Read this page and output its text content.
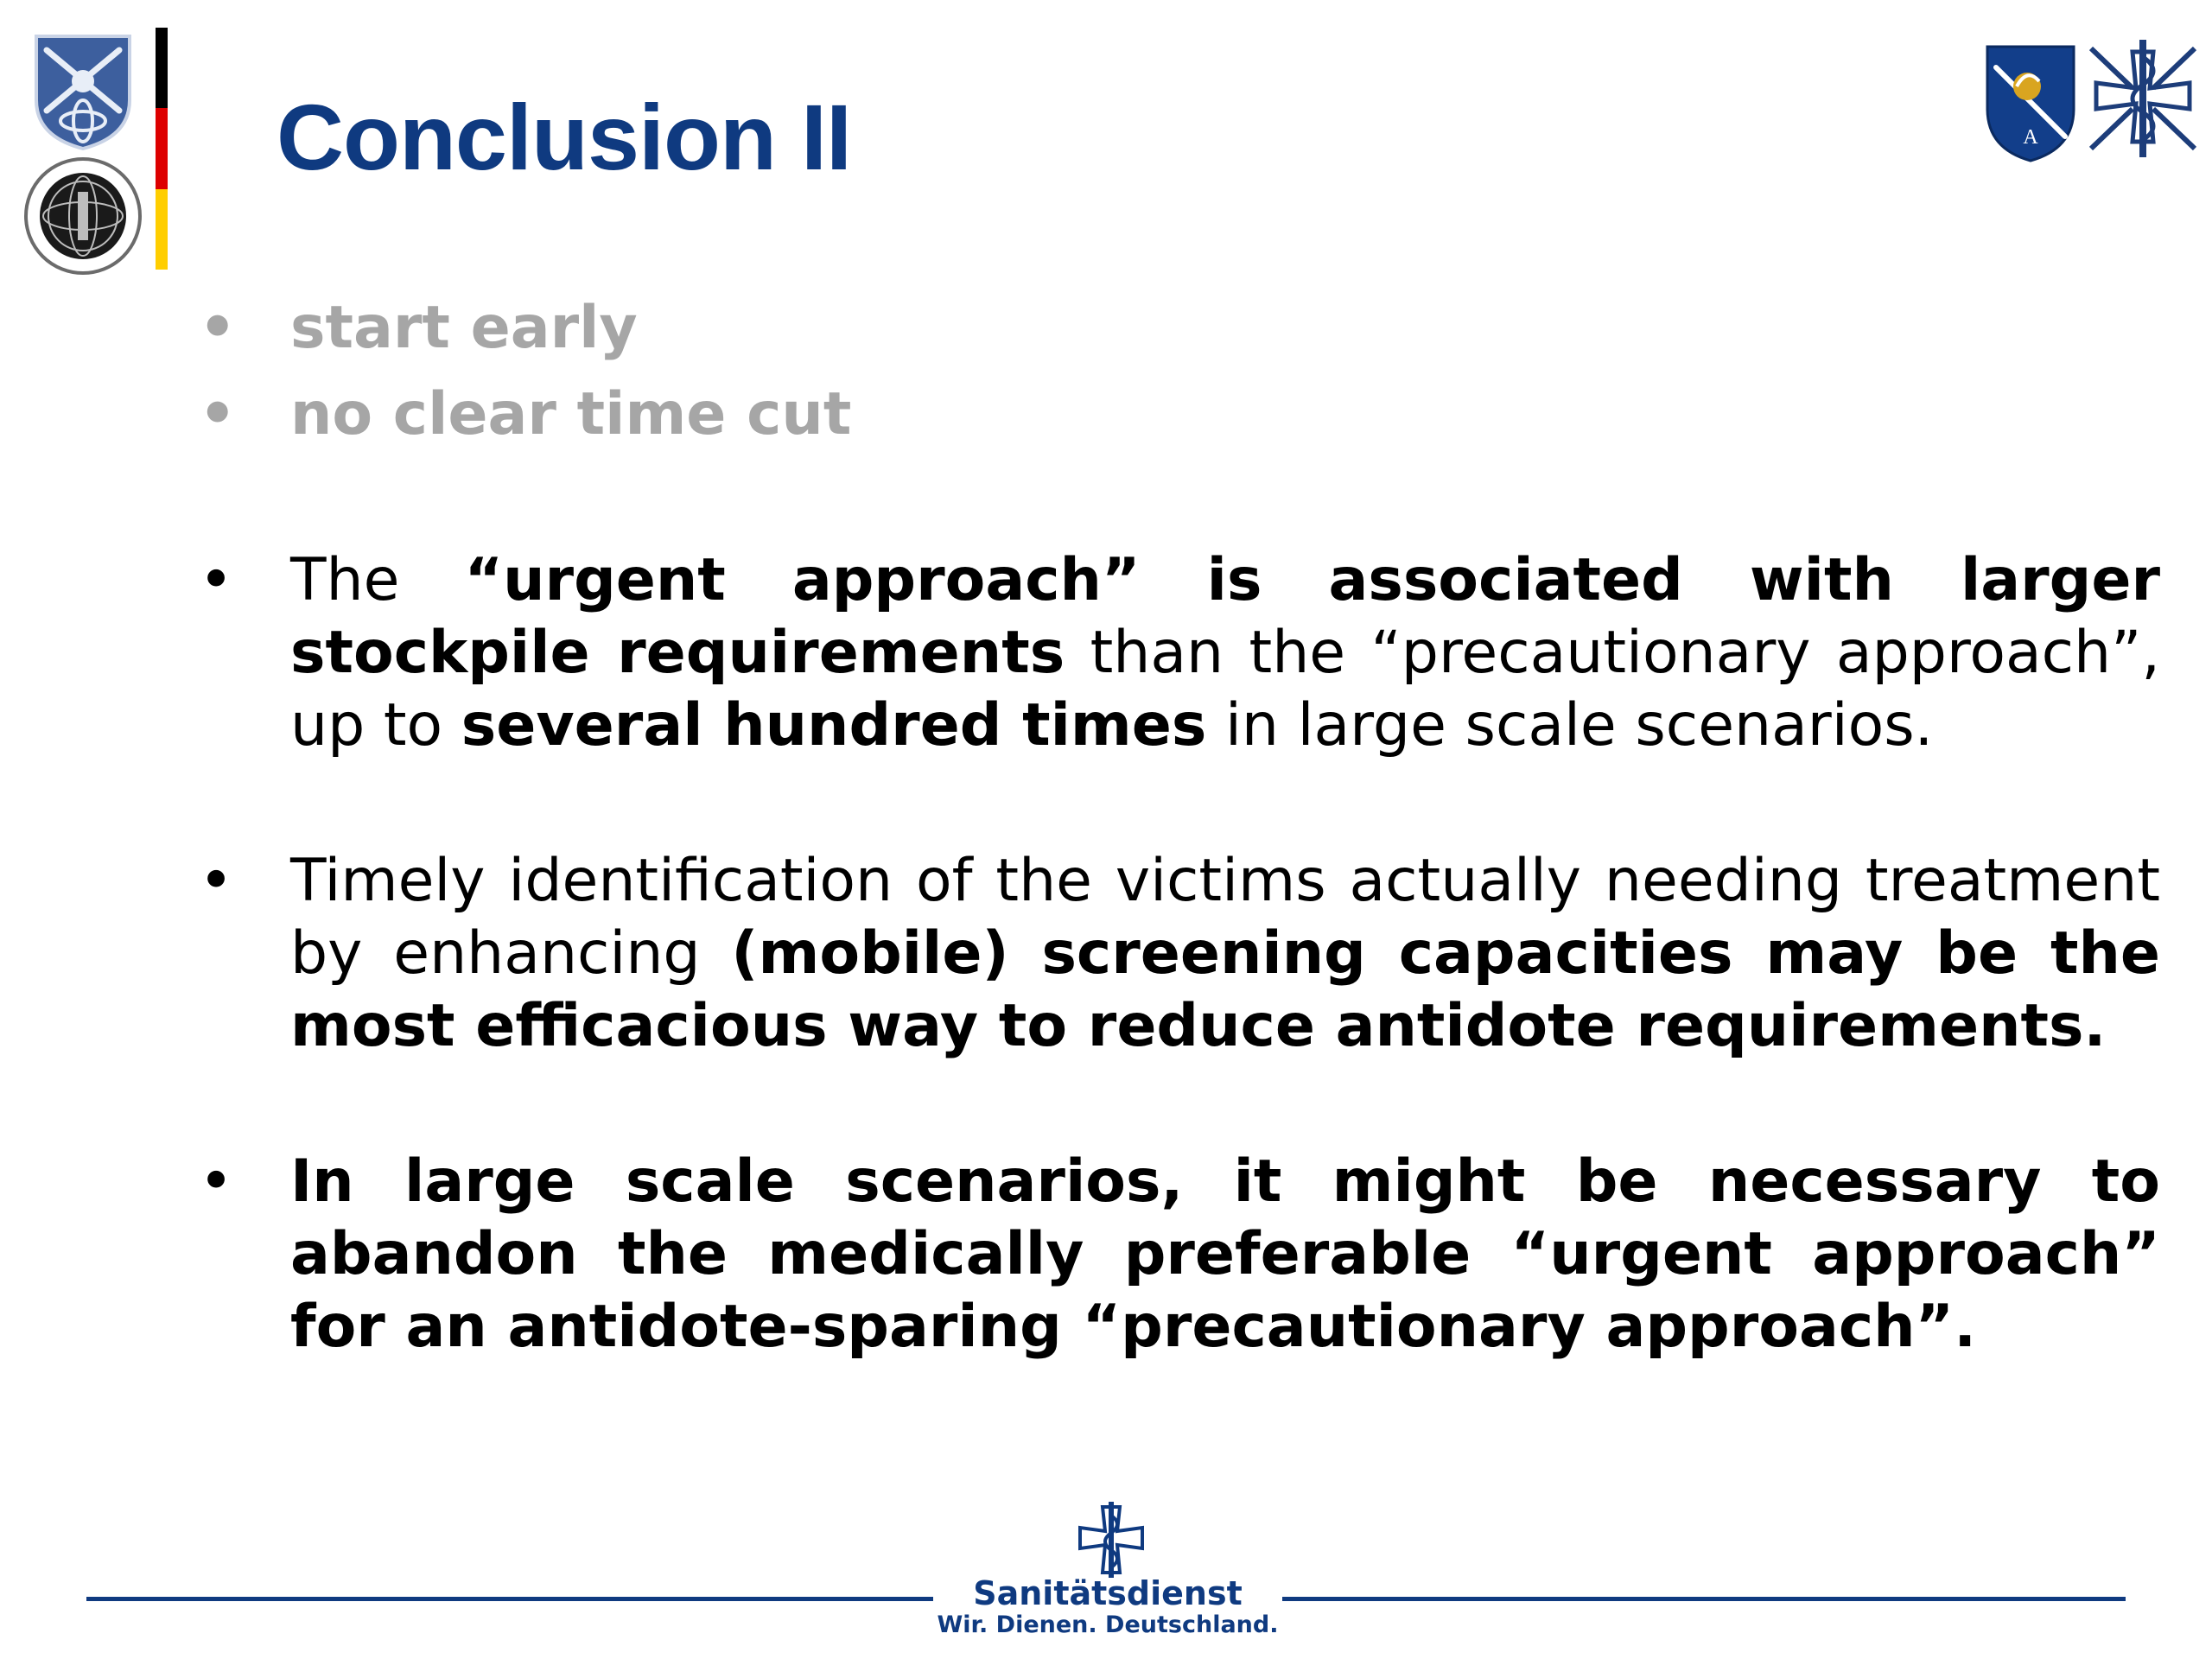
A
Conclusion II
• start early
• no clear time cut
• The “urgent approach” is associated with larger stockpile requirements than the “precautionary approach”, up to several hundred times in large scale scenarios.
• Timely identification of the victims actually needing treatment by enhancing (mobile) screening capacities may be the most efficacious way to reduce antidote requirements.
• In large scale scenarios, it might be necessary to abandon the medically preferable “urgent approach” for an antidote-sparing “precautionary approach”.
Sanitätsdienst
Wir. Dienen. Deutschland.
